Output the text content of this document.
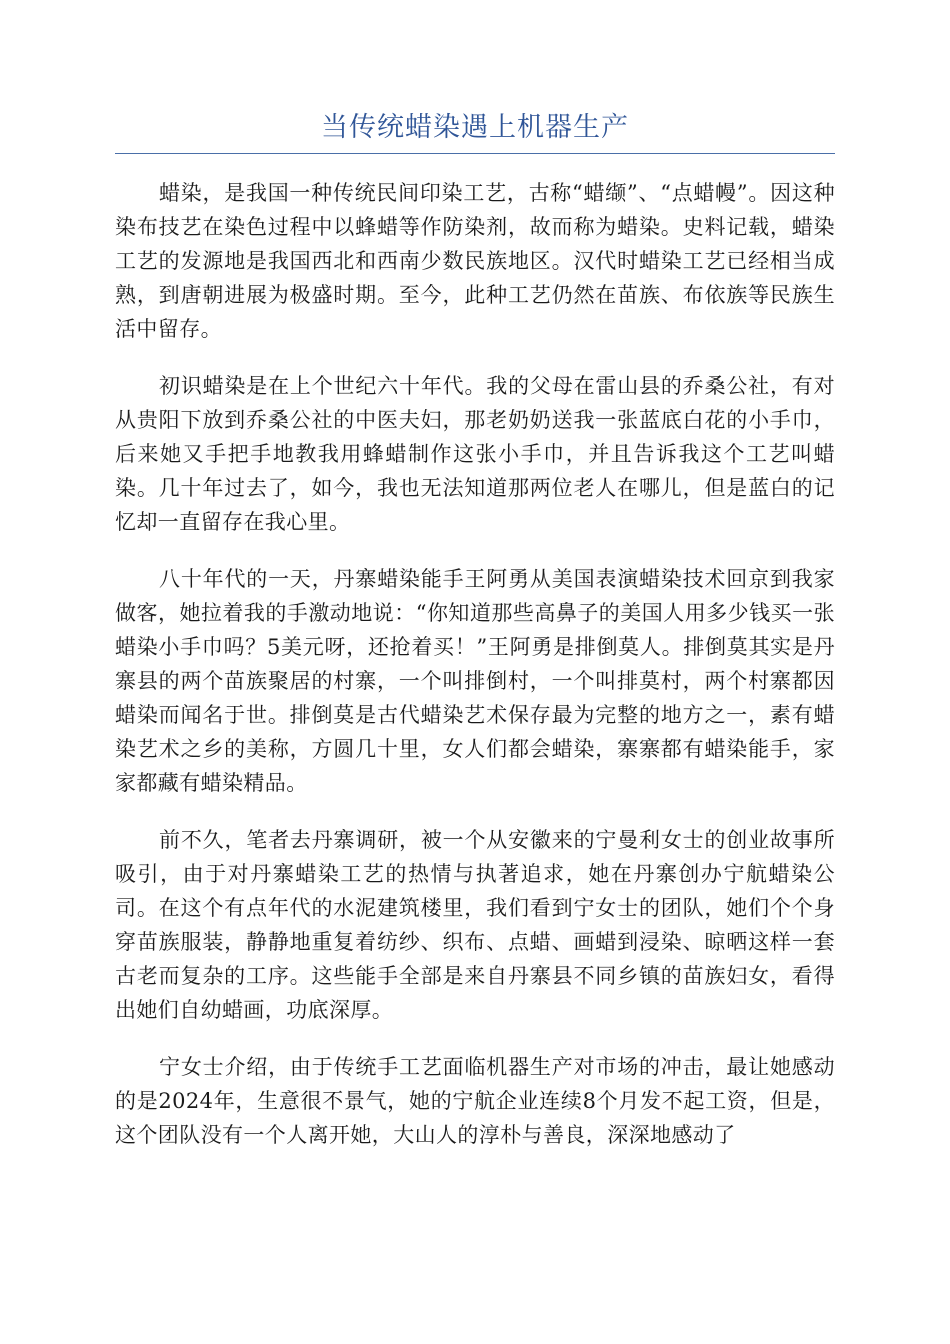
当传统蜡染遇上机器生产

蜡染，是我国一种传统民间印染工艺，古称“蜡缬”、“点蜡幔”。因这种染布技艺在染色过程中以蜂蜡等作防染剂，故而称为蜡染。史料记载，蜡染工艺的发源地是我国西北和西南少数民族地区。汉代时蜡染工艺已经相当成熟，到唐朝进展为极盛时期。至今，此种工艺仍然在苗族、布依族等民族生活中留存。

初识蜡染是在上个世纪六十年代。我的父母在雷山县的乔桑公社，有对从贵阳下放到乔桑公社的中医夫妇，那老奶奶送我一张蓝底白花的小手巾，后来她又手把手地教我用蜂蜡制作这张小手巾，并且告诉我这个工艺叫蜡染。几十年过去了，如今，我也无法知道那两位老人在哪儿，但是蓝白的记忆却一直留存在我心里。

八十年代的一天，丹寨蜡染能手王阿勇从美国表演蜡染技术回京到我家做客，她拉着我的手激动地说：“你知道那些高鼻子的美国人用多少钱买一张蜡染小手巾吗？5美元呀，还抢着买！”王阿勇是排倒莫人。排倒莫其实是丹寨县的两个苗族聚居的村寨，一个叫排倒村，一个叫排莫村，两个村寨都因蜡染而闻名于世。排倒莫是古代蜡染艺术保存最为完整的地方之一，素有蜡染艺术之乡的美称，方圆几十里，女人们都会蜡染，寨寨都有蜡染能手，家家都藏有蜡染精品。

前不久，笔者去丹寨调研，被一个从安徽来的宁曼利女士的创业故事所吸引，由于对丹寨蜡染工艺的热情与执著追求，她在丹寨创办宁航蜡染公司。在这个有点年代的水泥建筑楼里，我们看到宁女士的团队，她们个个身穿苗族服装，静静地重复着纺纱、织布、点蜡、画蜡到浸染、晾晒这样一套古老而复杂的工序。这些能手全部是来自丹寨县不同乡镇的苗族妇女，看得出她们自幼蜡画，功底深厚。

宁女士介绍，由于传统手工艺面临机器生产对市场的冲击，最让她感动的是2024年，生意很不景气，她的宁航企业连续8个月发不起工资，但是，这个团队没有一个人离开她，大山人的淳朴与善良，深深地感动了
